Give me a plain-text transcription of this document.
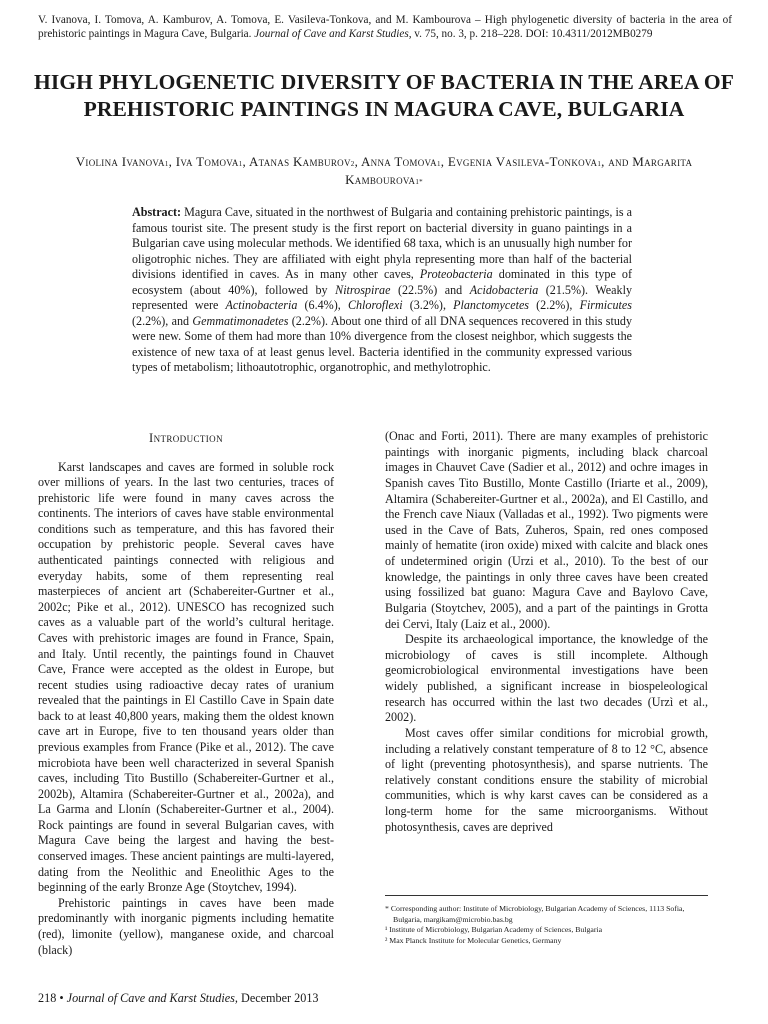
V. Ivanova, I. Tomova, A. Kamburov, A. Tomova, E. Vasileva-Tonkova, and M. Kambourova – High phylogenetic diversity of bacteria in the area of prehistoric paintings in Magura Cave, Bulgaria. Journal of Cave and Karst Studies, v. 75, no. 3, p. 218–228. DOI: 10.4311/2012MB0279
HIGH PHYLOGENETIC DIVERSITY OF BACTERIA IN THE AREA OF PREHISTORIC PAINTINGS IN MAGURA CAVE, BULGARIA
Violina Ivanova$^1$, Iva Tomova$^1$, Atanas Kamburov$^2$, Anna Tomova$^1$, Evgenia Vasileva-Tonkova$^1$, and Margarita Kambourova$^{1*}$
Abstract: Magura Cave, situated in the northwest of Bulgaria and containing prehistoric paintings, is a famous tourist site. The present study is the first report on bacterial diversity in guano paintings in a Bulgarian cave using molecular methods. We identified 68 taxa, which is an unusually high number for oligotrophic niches. They are affiliated with eight phyla representing more than half of the bacterial divisions identified in caves. As in many other caves, Proteobacteria dominated in this type of ecosystem (about 40%), followed by Nitrospirae (22.5%) and Acidobacteria (21.5%). Weakly represented were Actinobacteria (6.4%), Chloroflexi (3.2%), Planctomycetes (2.2%), Firmicutes (2.2%), and Gemmatimonadetes (2.2%). About one third of all DNA sequences recovered in this study were new. Some of them had more than 10% divergence from the closest neighbor, which suggests the existence of new taxa of at least genus level. Bacteria identified in the community expressed various types of metabolism; lithoautotrophic, organotrophic, and methylotrophic.
Introduction

Karst landscapes and caves are formed in soluble rock over millions of years. In the last two centuries, traces of prehistoric life were found in many caves across the continents. The interiors of caves have stable environmental conditions such as temperature, and this has favored their occupation by prehistoric people. Several caves have authenticated paintings connected with religious and everyday habits, some of them representing real masterpieces of ancient art (Schabereiter-Gurtner et al., 2002c; Pike et al., 2012). UNESCO has recognized such caves as a valuable part of the world’s cultural heritage. Caves with prehistoric images are found in France, Spain, and Italy. Until recently, the paintings found in Chauvet Cave, France were accepted as the oldest in Europe, but recent studies using radioactive decay rates of uranium revealed that the paintings in El Castillo Cave in Spain date back to at least 40,800 years, making them the oldest known cave art in Europe, five to ten thousand years older than previous examples from France (Pike et al., 2012). The cave microbiota have been well characterized in several Spanish caves, including Tito Bustillo (Schabereiter-Gurtner et al., 2002b), Altamira (Schabereiter-Gurtner et al., 2002a), and La Garma and Llonín (Schabereiter-Gurtner et al., 2004). Rock paintings are found in several Bulgarian caves, with Magura Cave being the largest and having the best-conserved images. These ancient paintings are multi-layered, dating from the Neolithic and Eneolithic Ages to the beginning of the early Bronze Age (Stoytchev, 1994).

Prehistoric paintings in caves have been made predominantly with inorganic pigments including hematite (red), limonite (yellow), manganese oxide, and charcoal (black)

(Onac and Forti, 2011). There are many examples of prehistoric paintings with inorganic pigments, including black charcoal images in Chauvet Cave (Sadier et al., 2012) and ochre images in Spanish caves Tito Bustillo, Monte Castillo (Iriarte et al., 2009), Altamira (Schabereiter-Gurtner et al., 2002a), and El Castillo, and the French cave Niaux (Valladas et al., 1992). Two pigments were used in the Cave of Bats, Zuheros, Spain, red ones composed mainly of hematite (iron oxide) mixed with calcite and black ones of undetermined origin (Urzi et al., 2010). To the best of our knowledge, the paintings in only three caves have been created using fossilized bat guano: Magura Cave and Baylovo Cave, Bulgaria (Stoytchev, 2005), and a part of the paintings in Grotta dei Cervi, Italy (Laiz et al., 2000).

Despite its archaeological importance, the knowledge of the microbiology of caves is still incomplete. Although geomicrobiological environmental investigations have been widely published, a significant increase in biospeleological research has occurred within the last two decades (Urzì et al., 2002).

Most caves offer similar conditions for microbial growth, including a relatively constant temperature of 8 to 12 °C, absence of light (preventing photosynthesis), and sparse nutrients. The relatively constant conditions ensure the stability of microbial communities, which is why karst caves can be considered as a long-term home for the same microorganisms. Without photosynthesis, caves are deprived

* Corresponding author: Institute of Microbiology, Bulgarian Academy of Sciences, 1113 Sofia, Bulgaria, margikam@microbio.bas.bg
¹ Institute of Microbiology, Bulgarian Academy of Sciences, Bulgaria
² Max Planck Institute for Molecular Genetics, Germany
218 • Journal of Cave and Karst Studies, December 2013
